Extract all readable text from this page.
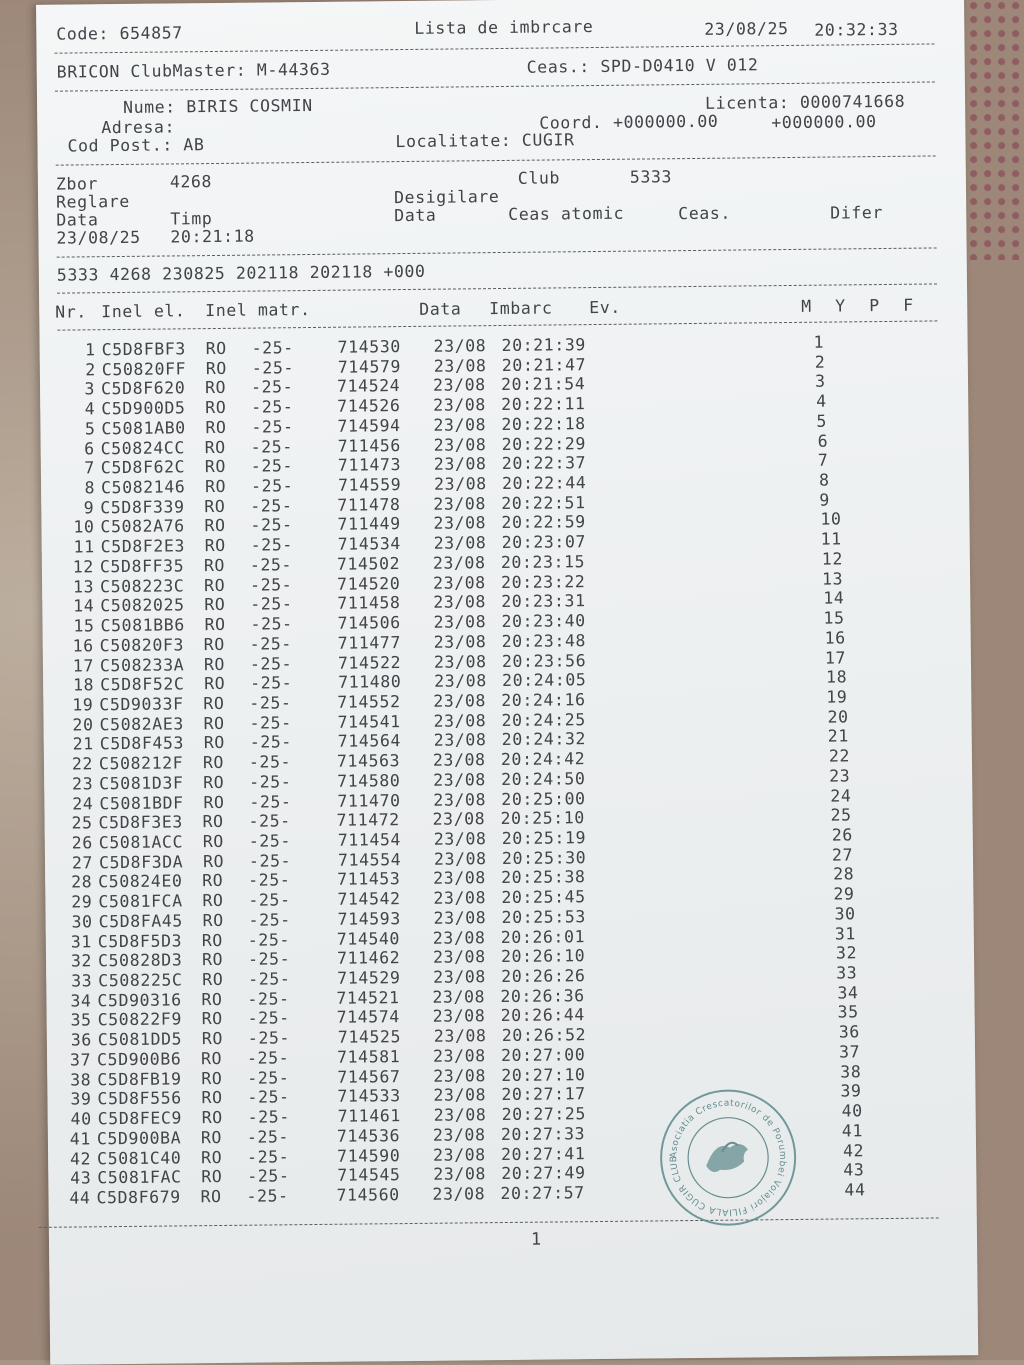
Code: 654857	Lista de imbrcare	23/08/25 20:32:33
BRICON ClubMaster: M-44363	Ceas.: SPD-D0410 V 012
Nume: BIRIS COSMIN	Licenta: 0000741668
Adresa:	Coord. +000000.00	+000000.00
Cod Post.: AB	Localitate: CUGIR
Zbor	4268	Club	5333
Reglare	Desigilare
Data	Timp	Data	Ceas atomic	Ceas.	Difer
23/08/25 20:21:18
5333 4268 230825 202118 202118 +000
Nr. Inel el. Inel matr.	Data Imbarc Ev.	M Y P F
1 C5D8FBF3 RO -25-	714530 23/08 20:21:39	1
2 C50820FF RO -25-	714579 23/08 20:21:47	2
3 C5D8F620 RO -25-	714524 23/08 20:21:54	3
4 C5D900D5 RO -25-	714526 23/08 20:22:11	4
5 C5081AB0 RO -25-	714594 23/08 20:22:18	5
6 C50824CC RO -25-	711456 23/08 20:22:29	6
7 C5D8F62C RO -25-	711473 23/08 20:22:37	7
8 C5082146 RO -25-	714559 23/08 20:22:44	8
9 C5D8F339 RO -25-	711478 23/08 20:22:51	9
10 C5082A76 RO -25-	711449 23/08 20:22:59	10
11 C5D8F2E3 RO -25-	714534 23/08 20:23:07	11
12 C5D8FF35 RO -25-	714502 23/08 20:23:15	12
13 C508223C RO -25-	714520 23/08 20:23:22	13
14 C5082025 RO -25-	711458 23/08 20:23:31	14
15 C5081BB6 RO -25-	714506 23/08 20:23:40	15
16 C50820F3 RO -25-	711477 23/08 20:23:48	16
17 C508233A RO -25-	714522 23/08 20:23:56	17
18 C5D8F52C RO -25-	711480 23/08 20:24:05	18
19 C5D9033F RO -25-	714552 23/08 20:24:16	19
20 C5082AE3 RO -25-	714541 23/08 20:24:25	20
21 C5D8F453 RO -25-	714564 23/08 20:24:32	21
22 C508212F RO -25-	714563 23/08 20:24:42	22
23 C5081D3F RO -25-	714580 23/08 20:24:50	23
24 C5081BDF RO -25-	711470 23/08 20:25:00	24
25 C5D8F3E3 RO -25-	711472 23/08 20:25:10	25
26 C5081ACC RO -25-	711454 23/08 20:25:19	26
27 C5D8F3DA RO -25-	714554 23/08 20:25:30	27
28 C50824E0 RO -25-	711453 23/08 20:25:38	28
29 C5081FCA RO -25-	714542 23/08 20:25:45	29
30 C5D8FA45 RO -25-	714593 23/08 20:25:53	30
31 C5D8F5D3 RO -25-	714540 23/08 20:26:01	31
32 C50828D3 RO -25-	711462 23/08 20:26:10	32
33 C508225C RO -25-	714529 23/08 20:26:26	33
34 C5D90316 RO -25-	714521 23/08 20:26:36	34
35 C50822F9 RO -25-	714574 23/08 20:26:44	35
36 C5081DD5 RO -25-	714525 23/08 20:26:52	36
37 C5D900B6 RO -25-	714581 23/08 20:27:00	37
38 C5D8FB19 RO -25-	714567 23/08 20:27:10	38
39 C5D8F556 RO -25-	714533 23/08 20:27:17	39
40 C5D8FEC9 RO -25-	711461 23/08 20:27:25	40
41 C5D900BA RO -25-	714536 23/08 20:27:33	41
42 C5081C40 RO -25-	714590 23/08 20:27:41	42
43 C5081FAC RO -25-	714545 23/08 20:27:49	43
44 C5D8F679 RO -25-	714560 23/08 20:27:57	44
1
Asociatia Crescatorilor de Porumbei Voiajori FILIALA CUGIR CLUB
